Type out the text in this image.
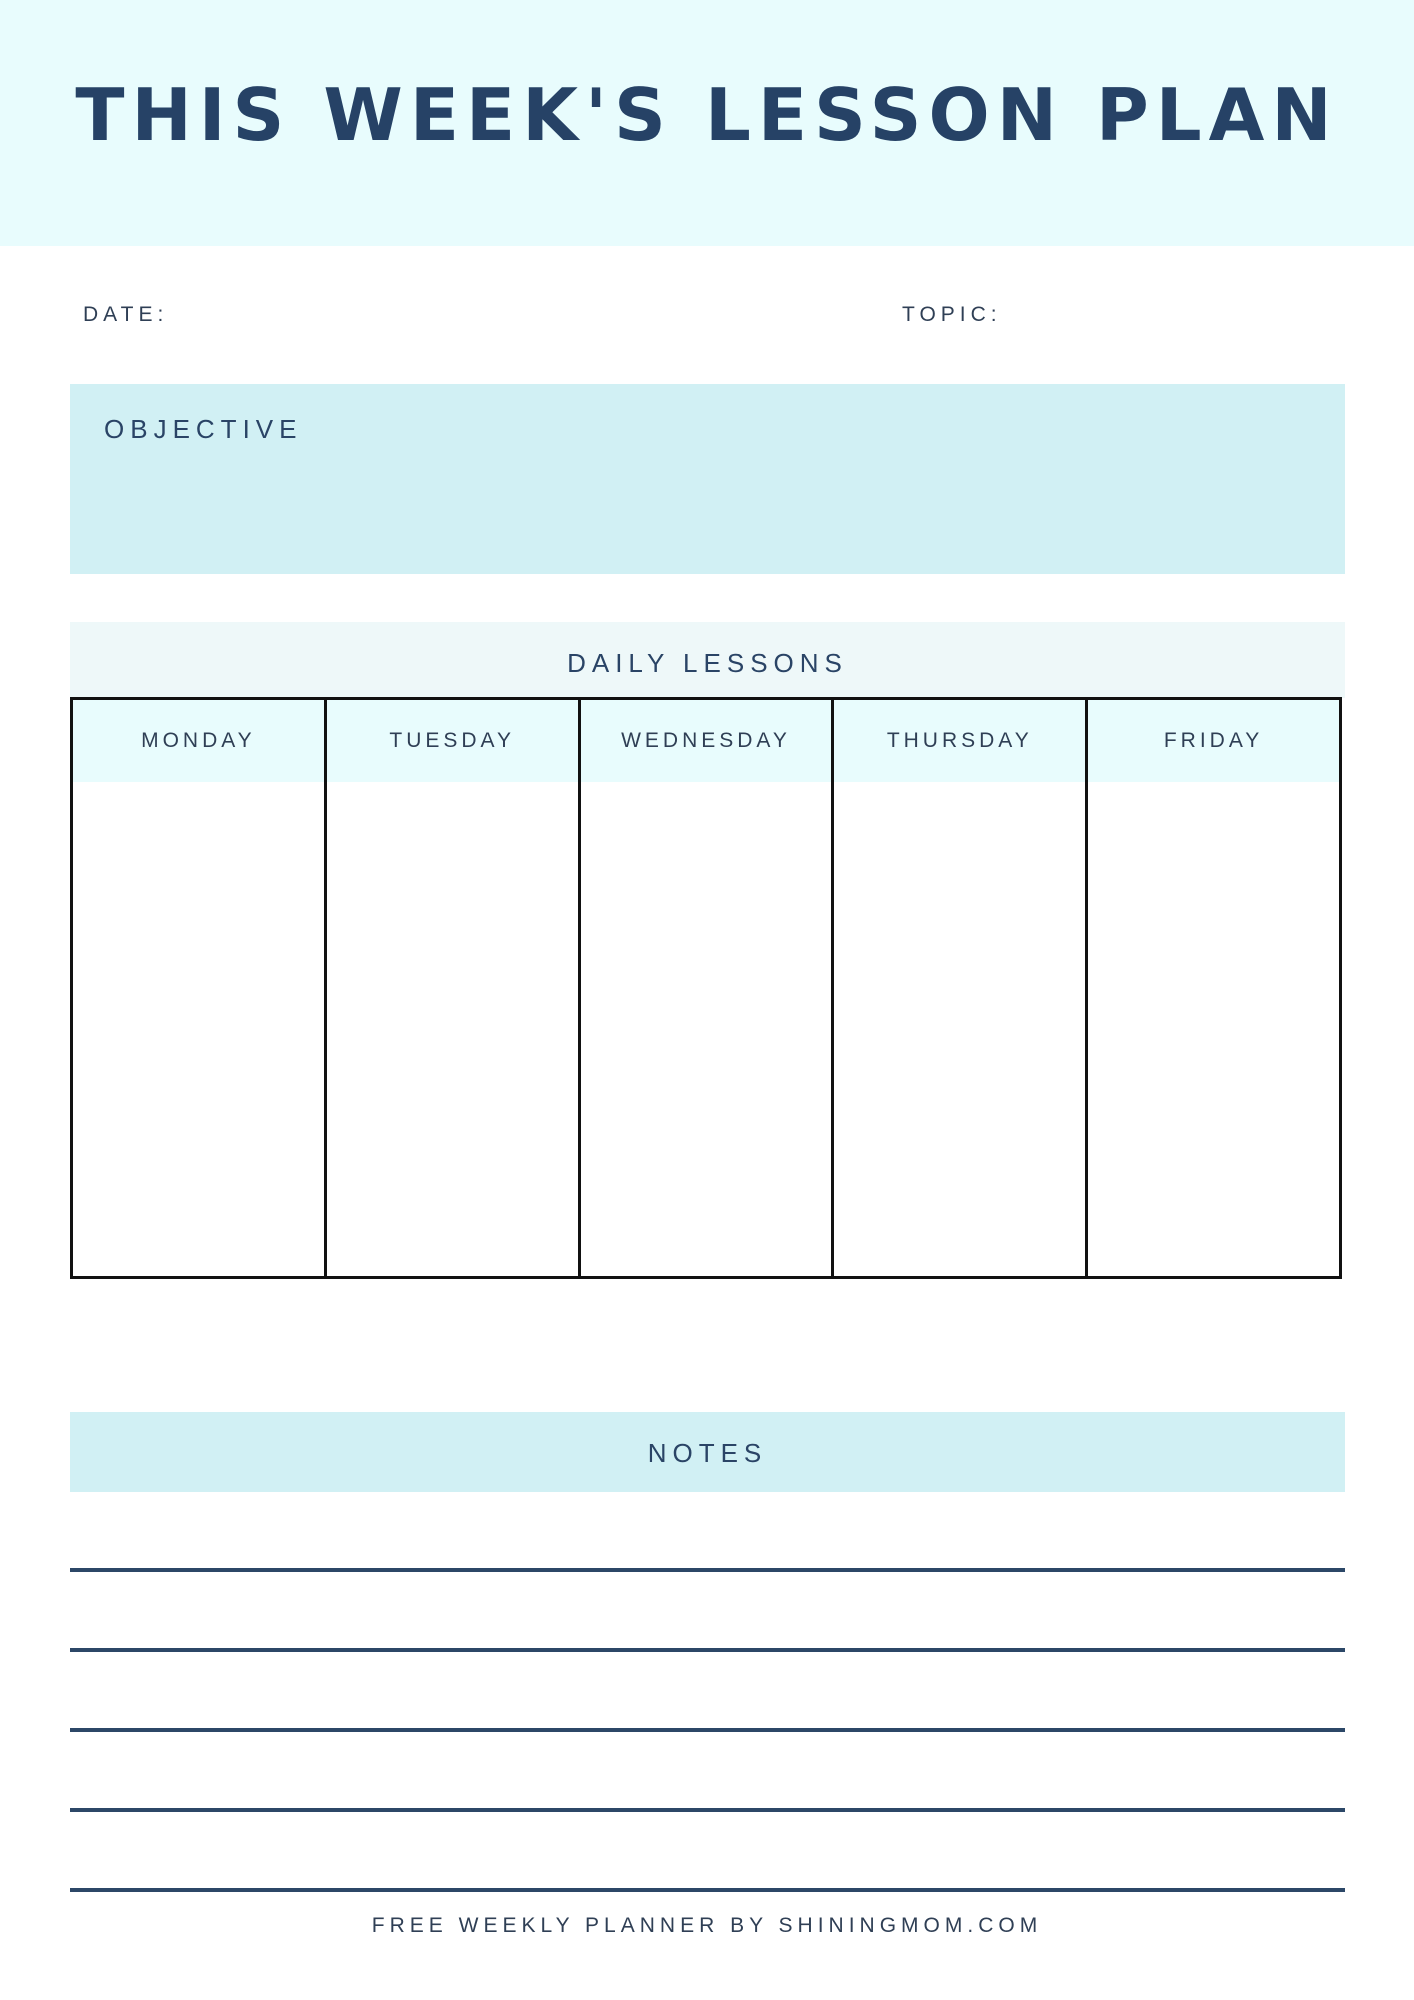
THIS WEEK'S LESSON PLAN
DATE:	TOPIC:
OBJECTIVE
DAILY LESSONS
MONDAY	TUESDAY	WEDNESDAY	THURSDAY	FRIDAY
NOTES
FREE WEEKLY PLANNER BY SHININGMOM.COM
